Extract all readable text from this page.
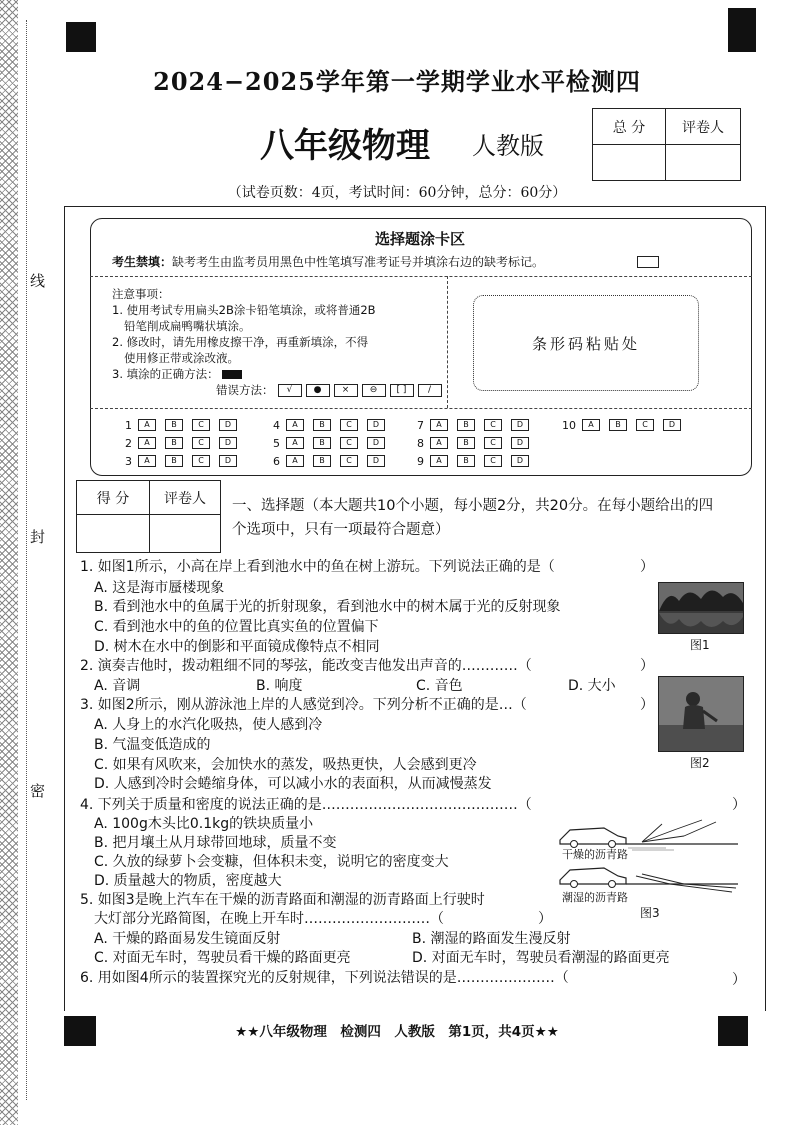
线
封
密
2024−2025学年第一学期学业水平检测四
八年级物理 人教版
（试卷页数：4页，考试时间：60分钟，总分：60分）
总 分	评卷人

选择题涂卡区
考生禁填：缺考考生由监考员用黑色中性笔填写准考证号并填涂右边的缺考标记。
注意事项：
1. 使用考试专用扁头2B涂卡铅笔填涂，或将普通2B
铅笔削成扁鸭嘴状填涂。
2. 修改时，请先用橡皮擦干净，再重新填涂，不得
使用修正带或涂改液。
3. 填涂的正确方法：
错误方法： √ ● × ⊖ [ ] /
条形码粘贴处
1	A	B	C	D
2	A	B	C	D
3	A	B	C	D
4	A	B	C	D
5	A	B	C	D
6	A	B	C	D
7	A	B	C	D
8	A	B	C	D
9	A	B	C	D
10	A	B	C	D
得 分	评卷人
	一、选择题（本大题共10个小题，每小题2分，共20分。在每小题给出的四
个选项中，只有一项最符合题意）
1. 如图1所示，小高在岸上看到池水中的鱼在树上游玩。下列说法正确的是（	）
A. 这是海市蜃楼现象
B. 看到池水中的鱼属于光的折射现象，看到池水中的树木属于光的反射现象
C. 看到池水中的鱼的位置比真实鱼的位置偏下
D. 树木在水中的倒影和平面镜成像特点不相同	图1
2. 演奏吉他时，拨动粗细不同的琴弦，能改变吉他发出声音的…………（	）
A. 音调	B. 响度	C. 音色	D. 大小
3. 如图2所示，刚从游泳池上岸的人感觉到冷。下列分析不正确的是…（	）
A. 人身上的水汽化吸热，使人感到冷
B. 气温变低造成的
C. 如果有风吹来，会加快水的蒸发，吸热更快，人会感到更冷
D. 人感到冷时会蜷缩身体，可以减小水的表面积，从而减慢蒸发
图2
4. 下列关于质量和密度的说法正确的是……………………………………（	）
A. 100g木头比0.1kg的铁块质量小
B. 把月壤土从月球带回地球，质量不变
C. 久放的绿萝卜会变糠，但体积未变，说明它的密度变大
D. 质量越大的物质，密度越大
干燥的沥青路
潮湿的沥青路
图3
5. 如图3是晚上汽车在干燥的沥青路面和潮湿的沥青路面上行驶时
大灯部分光路简图，在晚上开车时………………………（	）
A. 干燥的路面易发生镜面反射	B. 潮湿的路面发生漫反射
C. 对面无车时，驾驶员看干燥的路面更亮	D. 对面无车时，驾驶员看潮湿的路面更亮
6. 用如图4所示的装置探究光的反射规律，下列说法错误的是…………………（	）
★★八年级物理　检测四　人教版　第1页，共4页★★
